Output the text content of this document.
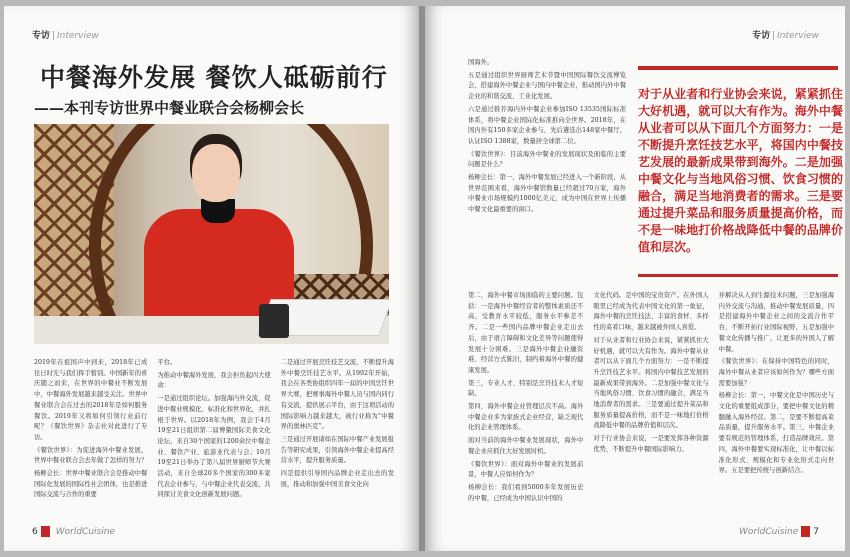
专访 Interview
中餐海外发展 餐饮人砥砺前行
——本刊专访世界中餐业联合会杨柳会长

2019年在祖国声中到来，2018年已成往日时光与我们挥手暂别。中国新年的喜庆随之而来，在世界的中餐业不断发展中，中餐海外发展越来越受关注。世界中餐业联合会在过去的2018年是如何服务餐饮。2019年又将如何引领行业前行呢？《餐饮世界》杂志社对此进行了专访。

《餐饮世界》：为促进海外中餐业发展，世界中餐业联合会去年做了怎样的努力？

杨柳会长：世界中餐业联合会是推动中餐国际化发展的国际性社会团体，也是推进国际交流与合作的重要

平台。

为推动中餐海外发展，我会担负起四大使命：

一是通过组织论坛。加强海内外交流，促进中餐业规模化、标准化和世界化，并扎根于世界。以2018年为例，我会于4月19至21日组织第二届博鳌国际美食文化论坛，来自30个国家的1200余位中餐企业、餐饮产业、旅游业代表与会；10月19至21日举办了第八届世界厨师节大赛活动，来自全球20多个国家的300多家代表企业参与，与中餐企业代表交流，共同探讨美食文化创新发展问题。

二是通过开展烹饪技艺交流，不断提升海外中餐烹饪技艺水平。从1992年开始，我会在各类协组织四年一届的中国烹饪世界大赛，把赛事海外中餐人员与国内同行有交流，提供展示平台，由于这项活动的国际影响力越来越大，被行业称为“中餐界的奥林匹克”。

三是通过开展诸如在国际中餐产业发展报告等研究成果，引领海外中餐企业提高经营水平，提升服务质量。

四是提供引导国内品牌企业走出去的发展，推动和加强中国美食文化向

6 WorldCuisine
专访 Interview

国海外。

五是通过组织世界厨师艺术节暨中国国际餐饮交流博览会，搭建海外中餐企业与国内中餐企业，推动国内外中餐企业的和谐交流、工业化发展。

六是通过推荐海内外中餐企业参加ISO 13535国际标准体系，将中餐企业国际化标准推向全世界。2018年，在国内外有150多家企业参与，先后遴选出148家中餐厅，认证ISO 1388家，数量居全球第二位。

《餐饮世界》：目前海外中餐业的发展现状及面临的主要问题是什么？

杨柳会长：第一，海外中餐发展已经进入一个新阶段，从世界范围来看，海外中餐馆数量已经超过70万家，海外中餐业市场规模约1000亿美元，成为中国在世界上传播中餐文化最重要的窗口。

对于从业者和行业协会来说，紧紧抓住大好机遇，就可以大有作为。海外中餐从业者可以从下面几个方面努力：一是不断提升烹饪技艺水平，将国内中餐技艺发展的最新成果带到海外。二是加强中餐文化与当地风俗习惯、饮食习惯的融合，满足当地消费者的需求。三是要通过提升菜品和服务质量提高价格，而不是一味地打价格战降低中餐的品牌价值和层次。

第二，海外中餐市场面临的主要问题。包括：一是海外中餐经营者的整体素质还不高，受教育水平较低，服务水平参差不齐。二是一些国内品牌中餐企业走出去后，由于语言障碍和文化差异等问题使得发展十分困难。三是海外中餐企业融资难、经营方式陈旧，制约着海外中餐的健康发展。

第三，专业人才、特别是烹饪技术人才短缺。

第四，海外中餐企业管理层次不高。海外中餐企业多为家族式企业经营，缺乏现代化的企业管理体系。

面对当前的海外中餐业发展现状，海外中餐企业应抓住大好发展时机。

《餐饮世界》：面对海外中餐业的发展前景，中餐人应如何作为？

杨柳会长：我们看到5000多年发展历史的中餐，已经成为中国认识中国的

文化代码。是中国的宝贵资产。在外国人眼里已经成为代表中国文化的第一象征，海外中餐的烹饪技法、丰富的食材、多样性的菜肴口味，越来越被外国人喜爱。

对于从业者和行业协会来说，紧紧抓住大好机遇，就可以大有作为。海外中餐从业者可以从下面几个方面努力：一是不断提升烹饪技艺水平。将国内中餐技艺发展的最新成果带到海外。二是加强中餐文化与当地风俗习惯、饮食习惯的融合，满足当地消费者的需求。三是要通过提升菜品和服务质量提高价格，而不是一味地打价格战降低中餐的品牌价值和层次。

对于行业协会来说，一是要发挥各种资源优势，不断提升中餐国际影响力。

并解决从人到生源技术问题，三是加强海内外交流与沟通，推动中餐发展质量，四是搭建海外中餐企业之间的交流合作平台，不断开拓行业国际视野，五是加强中餐文化传播与推广，让更多的外国人了解中餐。

《餐饮世界》：在保持中国特色的同时，海外中餐从业者应该如何作为？哪些方面需要加强？

杨柳会长：第一，中餐文化是中国历史与文化的重要组成部分，要把中餐文化的精髓融入海外经营。第二，是要不断提高菜品质量，提升服务水平。第三，中餐企业要有规范的管理体系，打造品牌效应。第四，海外中餐要实现标准化，让中餐以标准化形式、规模化和专业化形式走向世界。五是要把传统与创新结合。

WorldCuisine 7
